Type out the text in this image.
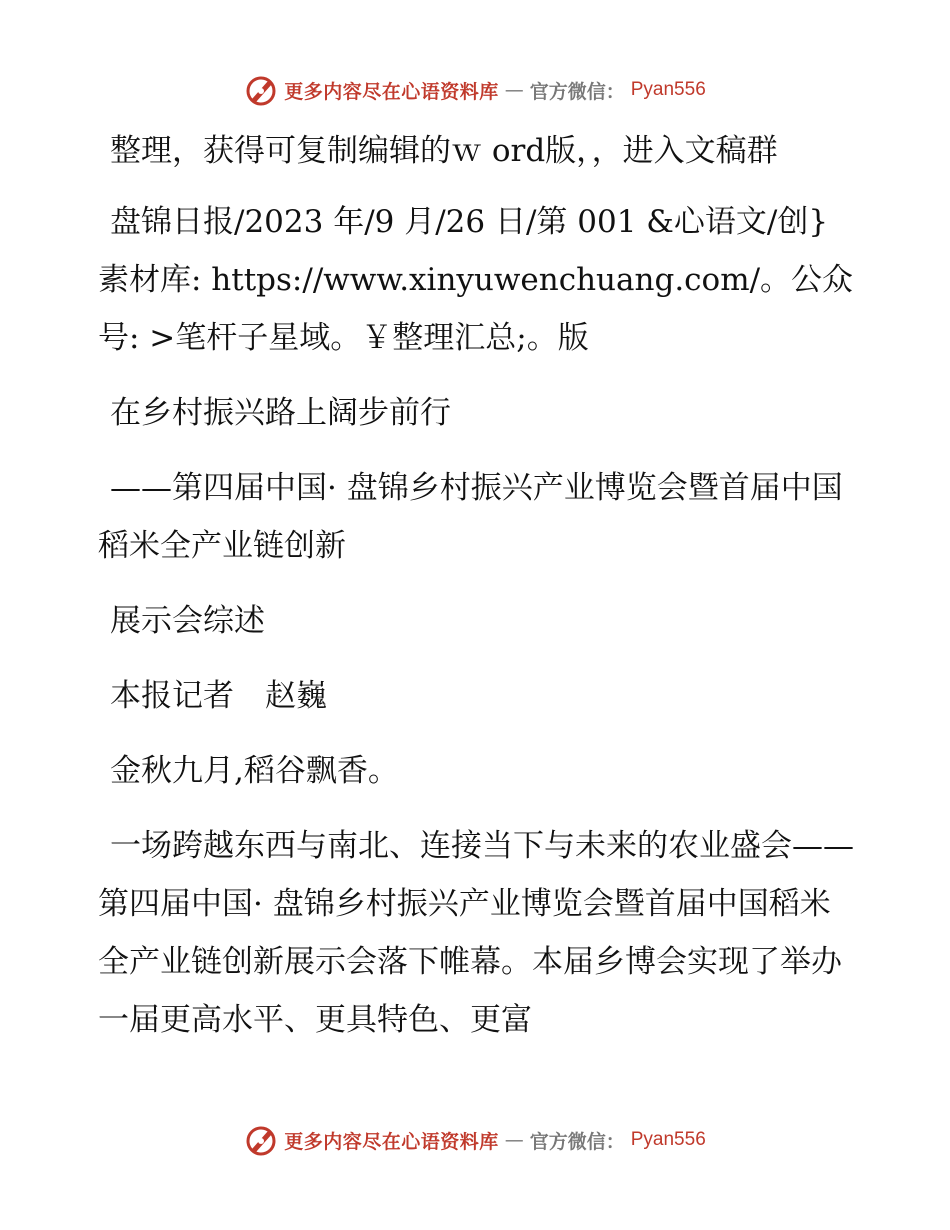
更多内容尽在心语资料库 — 官方微信： Pyan556

整理，获得可复制编辑的ｗ ord版，，进入文稿群

盘锦日报/2023 年/9 月/26 日/第 001 &心语文/创}素材库: https://www.xinyuwenchuang.com/。公众号: >笔杆子星域。￥整理汇总;。版

在乡村振兴路上阔步前行

——第四届中国· 盘锦乡村振兴产业博览会暨首届中国稻米全产业链创新

展示会综述

本报记者　赵巍

金秋九月,稻谷飘香。

一场跨越东西与南北、连接当下与未来的农业盛会——第四届中国· 盘锦乡村振兴产业博览会暨首届中国稻米全产业链创新展示会落下帷幕。本届乡博会实现了举办一届更高水平、更具特色、更富

更多内容尽在心语资料库 — 官方微信： Pyan556
